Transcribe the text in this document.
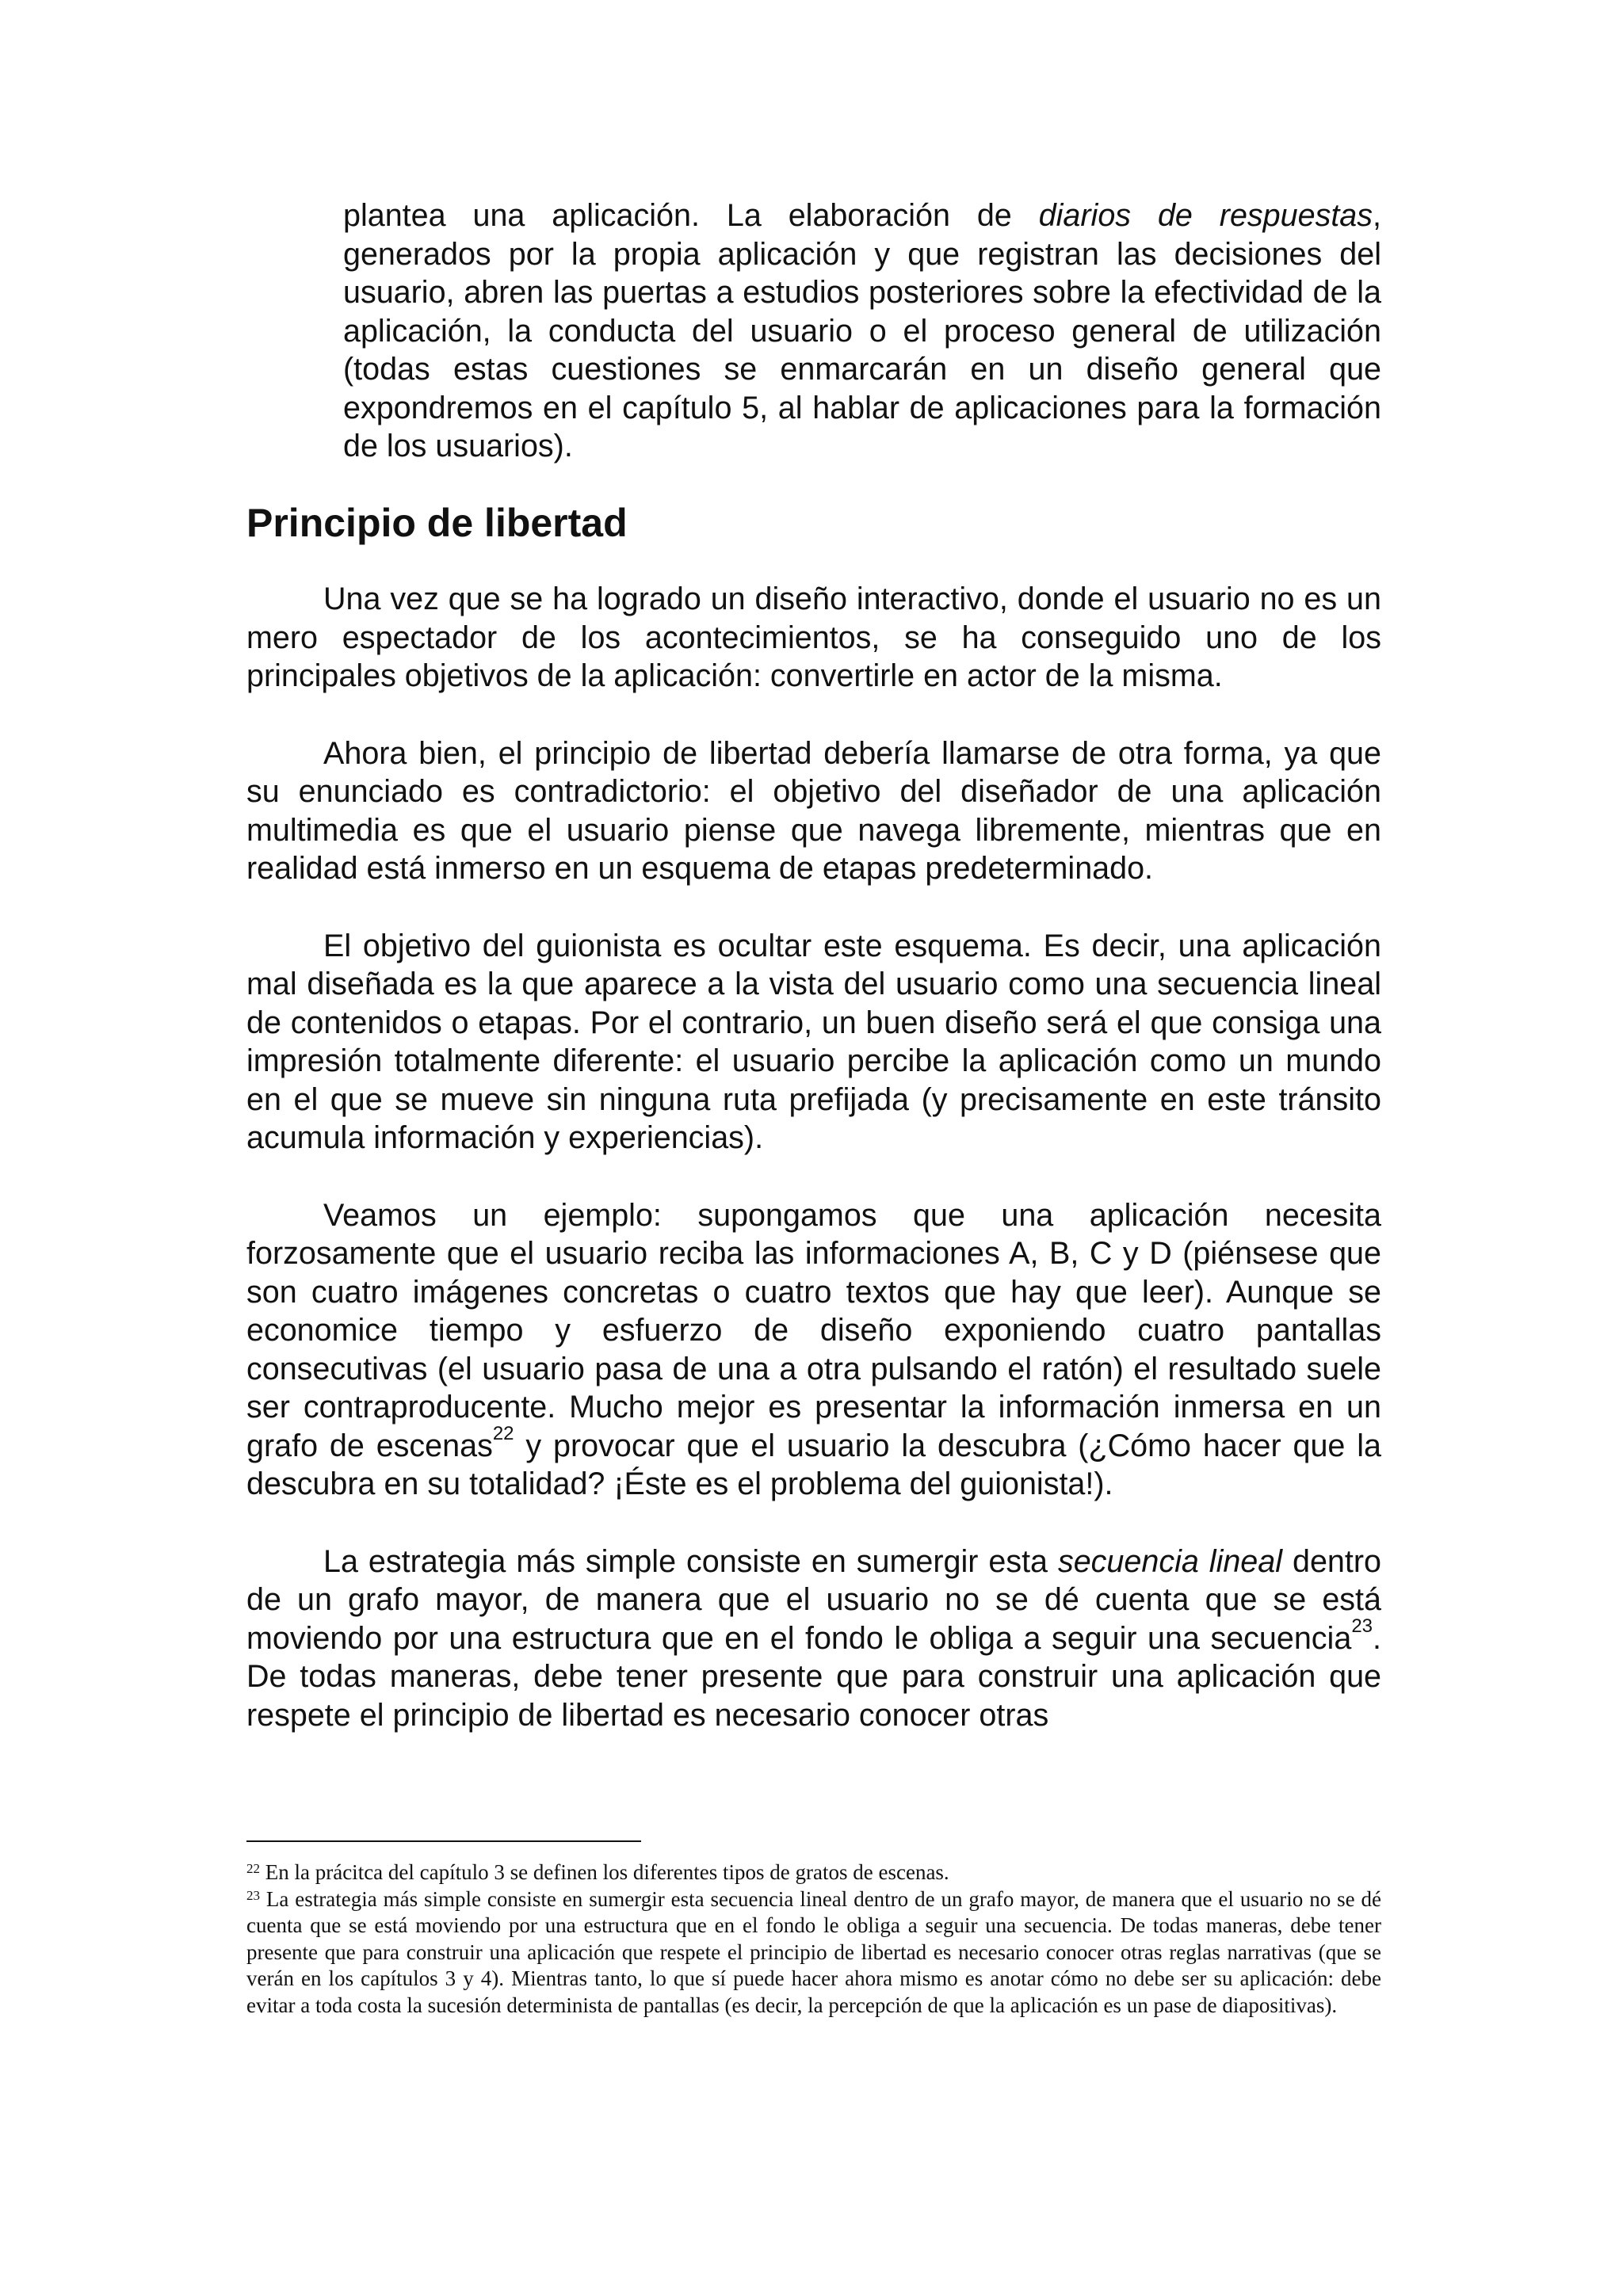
plantea una aplicación. La elaboración de diarios de respuestas, generados por la propia aplicación y que registran las decisiones del usuario, abren las puertas a estudios posteriores sobre la efectividad de la aplicación, la conducta del usuario o el proceso general de utilización (todas estas cuestiones se enmarcarán en un diseño general que expondremos en el capítulo 5, al hablar de aplicaciones para la formación de los usuarios).

Principio de libertad

Una vez que se ha logrado un diseño interactivo, donde el usuario no es un mero espectador de los acontecimientos, se ha conseguido uno de los principales objetivos de la aplicación: convertirle en actor de la misma.

Ahora bien, el principio de libertad debería llamarse de otra forma, ya que su enunciado es contradictorio: el objetivo del diseñador de una aplicación multimedia es que el usuario piense que navega libremente, mientras que en realidad está inmerso en un esquema de etapas predeterminado.

El objetivo del guionista es ocultar este esquema. Es decir, una aplicación mal diseñada es la que aparece a la vista del usuario como una secuencia lineal de contenidos o etapas. Por el contrario, un buen diseño será el que consiga una impresión totalmente diferente: el usuario percibe la aplicación como un mundo en el que se mueve sin ninguna ruta prefijada (y precisamente en este tránsito acumula información y experiencias).

Veamos un ejemplo: supongamos que una aplicación necesita forzosamente que el usuario reciba las informaciones A, B, C y D (piénsese que son cuatro imágenes concretas o cuatro textos que hay que leer). Aunque se economice tiempo y esfuerzo de diseño exponiendo cuatro pantallas consecutivas (el usuario pasa de una a otra pulsando el ratón) el resultado suele ser contraproducente. Mucho mejor es presentar la información inmersa en un grafo de escenas$^{22}$ y provocar que el usuario la descubra (¿Cómo hacer que la descubra en su totalidad? ¡Éste es el problema del guionista!).

La estrategia más simple consiste en sumergir esta secuencia lineal dentro de un grafo mayor, de manera que el usuario no se dé cuenta que se está moviendo por una estructura que en el fondo le obliga a seguir una secuencia$^{23}$. De todas maneras, debe tener presente que para construir una aplicación que respete el principio de libertad es necesario conocer otras

$^{22}$ En la prácitca del capítulo 3 se definen los diferentes tipos de gratos de escenas.

$^{23}$ La estrategia más simple consiste en sumergir esta secuencia lineal dentro de un grafo mayor, de manera que el usuario no se dé cuenta que se está moviendo por una estructura que en el fondo le obliga a seguir una secuencia. De todas maneras, debe tener presente que para construir una aplicación que respete el principio de libertad es necesario conocer otras reglas narrativas (que se verán en los capítulos 3 y 4). Mientras tanto, lo que sí puede hacer ahora mismo es anotar cómo no debe ser su aplicación: debe evitar a toda costa la sucesión determinista de pantallas (es decir, la percepción de que la aplicación es un pase de diapositivas).
